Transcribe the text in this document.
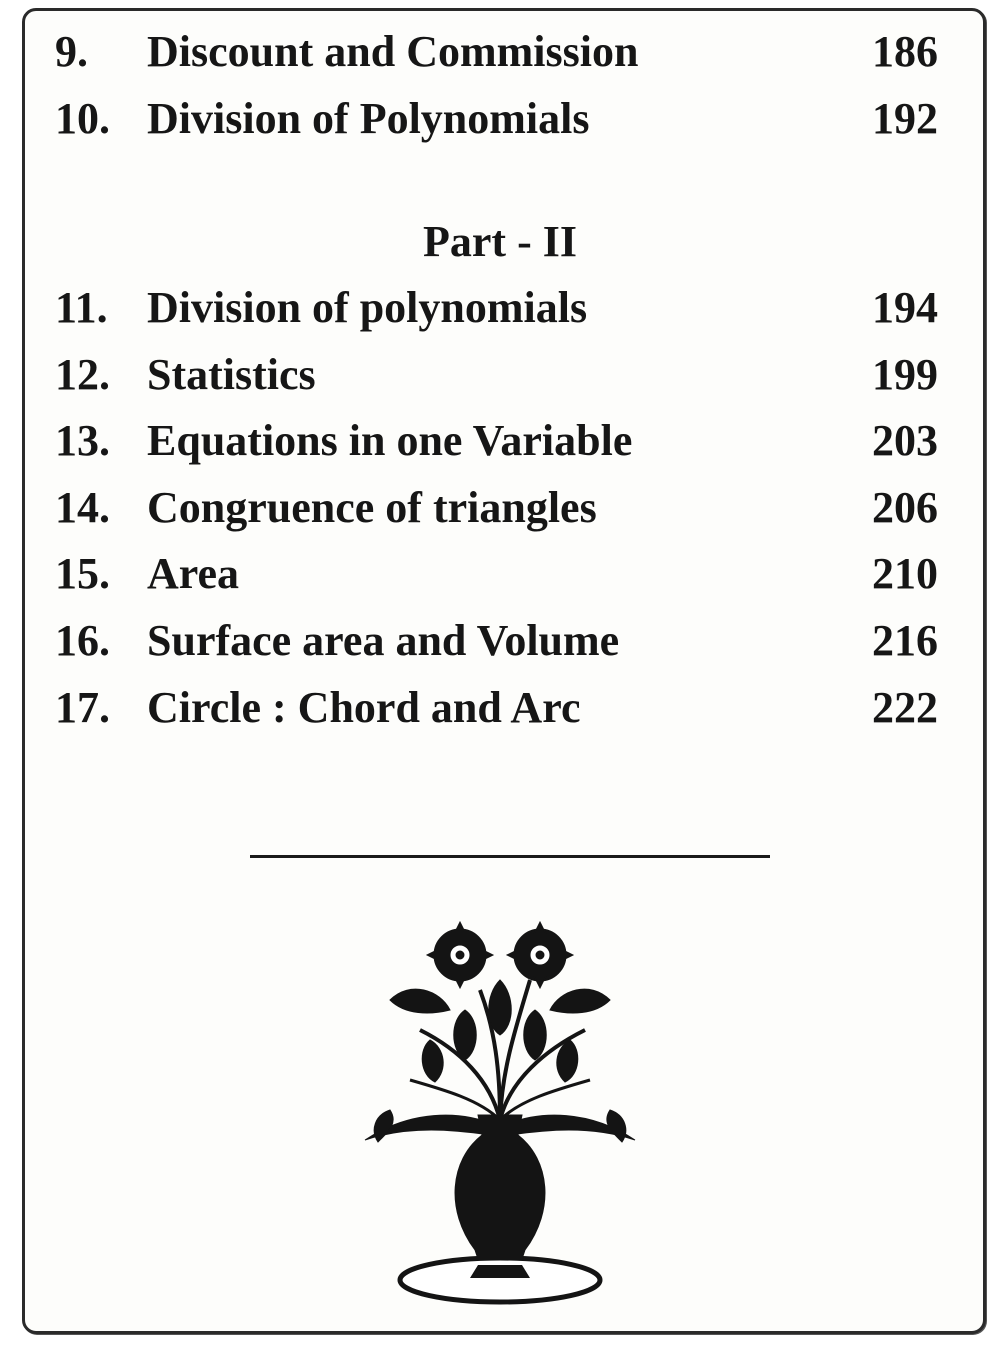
9. Discount and Commission	186
10. Division of Polynomials	192
Part - II
11. Division of polynomials	194
12. Statistics	199
13. Equations in one Variable	203
14. Congruence of triangles	206
15. Area	210
16. Surface area and Volume	216
17. Circle : Chord and Arc	222
